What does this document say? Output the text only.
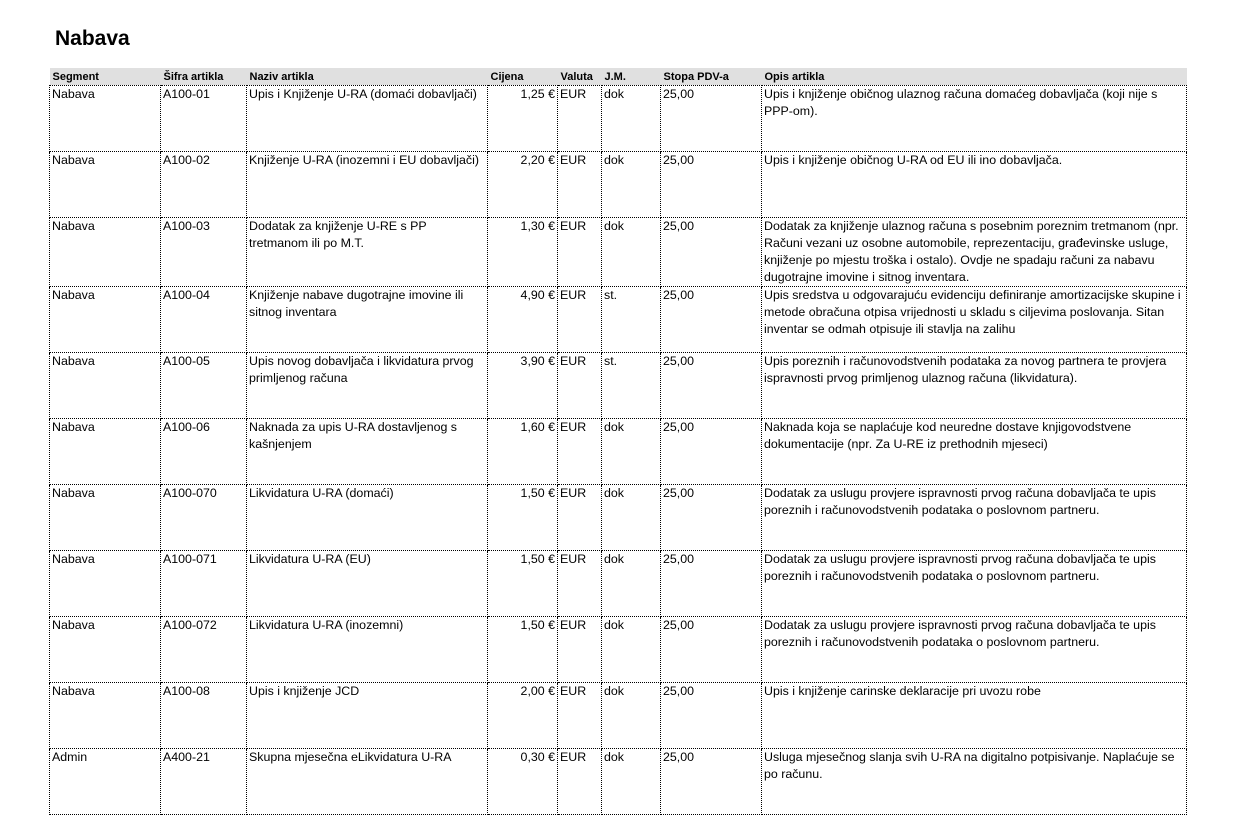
Nabava
Segment	Šifra artikla	Naziv artikla	Cijena	Valuta	J.M.	Stopa PDV-a	Opis artikla
Nabava	A100-01	Upis i Knjiženje U-RA (domaći dobavljači)	1,25 €	EUR	dok	25,00	Upis i knjiženje običnog ulaznog računa domaćeg dobavljača (koji nije s PPP-om).
Nabava	A100-02	Knjiženje U-RA (inozemni i EU dobavljači)	2,20 €	EUR	dok	25,00	Upis i knjiženje običnog U-RA od EU ili ino dobavljača.
Nabava	A100-03	Dodatak za knjiženje U-RE s PP tretmanom ili po M.T.	1,30 €	EUR	dok	25,00	Dodatak za knjiženje ulaznog računa s posebnim poreznim tretmanom (npr. Računi vezani uz osobne automobile, reprezentaciju, građevinske usluge, knjiženje po mjestu troška i ostalo). Ovdje ne spadaju računi za nabavu dugotrajne imovine i sitnog inventara.
Nabava	A100-04	Knjiženje nabave dugotrajne imovine ili sitnog inventara	4,90 €	EUR	st.	25,00	Upis sredstva u odgovarajuću evidenciju definiranje amortizacijske skupine i metode obračuna otpisa vrijednosti u skladu s ciljevima poslovanja. Sitan inventar se odmah otpisuje ili stavlja na zalihu
Nabava	A100-05	Upis novog dobavljača i likvidatura prvog primljenog računa	3,90 €	EUR	st.	25,00	Upis poreznih i računovodstvenih podataka za novog partnera te provjera ispravnosti prvog primljenog ulaznog računa (likvidatura).
Nabava	A100-06	Naknada za upis U-RA dostavljenog s kašnjenjem	1,60 €	EUR	dok	25,00	Naknada koja se naplaćuje kod neuredne dostave knjigovodstvene dokumentacije (npr. Za U-RE iz prethodnih mjeseci)
Nabava	A100-070	Likvidatura U-RA (domaći)	1,50 €	EUR	dok	25,00	Dodatak za uslugu provjere ispravnosti prvog računa dobavljača te upis poreznih i računovodstvenih podataka o poslovnom partneru.
Nabava	A100-071	Likvidatura U-RA (EU)	1,50 €	EUR	dok	25,00	Dodatak za uslugu provjere ispravnosti prvog računa dobavljača te upis poreznih i računovodstvenih podataka o poslovnom partneru.
Nabava	A100-072	Likvidatura U-RA (inozemni)	1,50 €	EUR	dok	25,00	Dodatak za uslugu provjere ispravnosti prvog računa dobavljača te upis poreznih i računovodstvenih podataka o poslovnom partneru.
Nabava	A100-08	Upis i knjiženje JCD	2,00 €	EUR	dok	25,00	Upis i knjiženje carinske deklaracije pri uvozu robe
Admin	A400-21	Skupna mjesečna eLikvidatura U-RA	0,30 €	EUR	dok	25,00	Usluga mjesečnog slanja svih U-RA na digitalno potpisivanje. Naplaćuje se po računu.
